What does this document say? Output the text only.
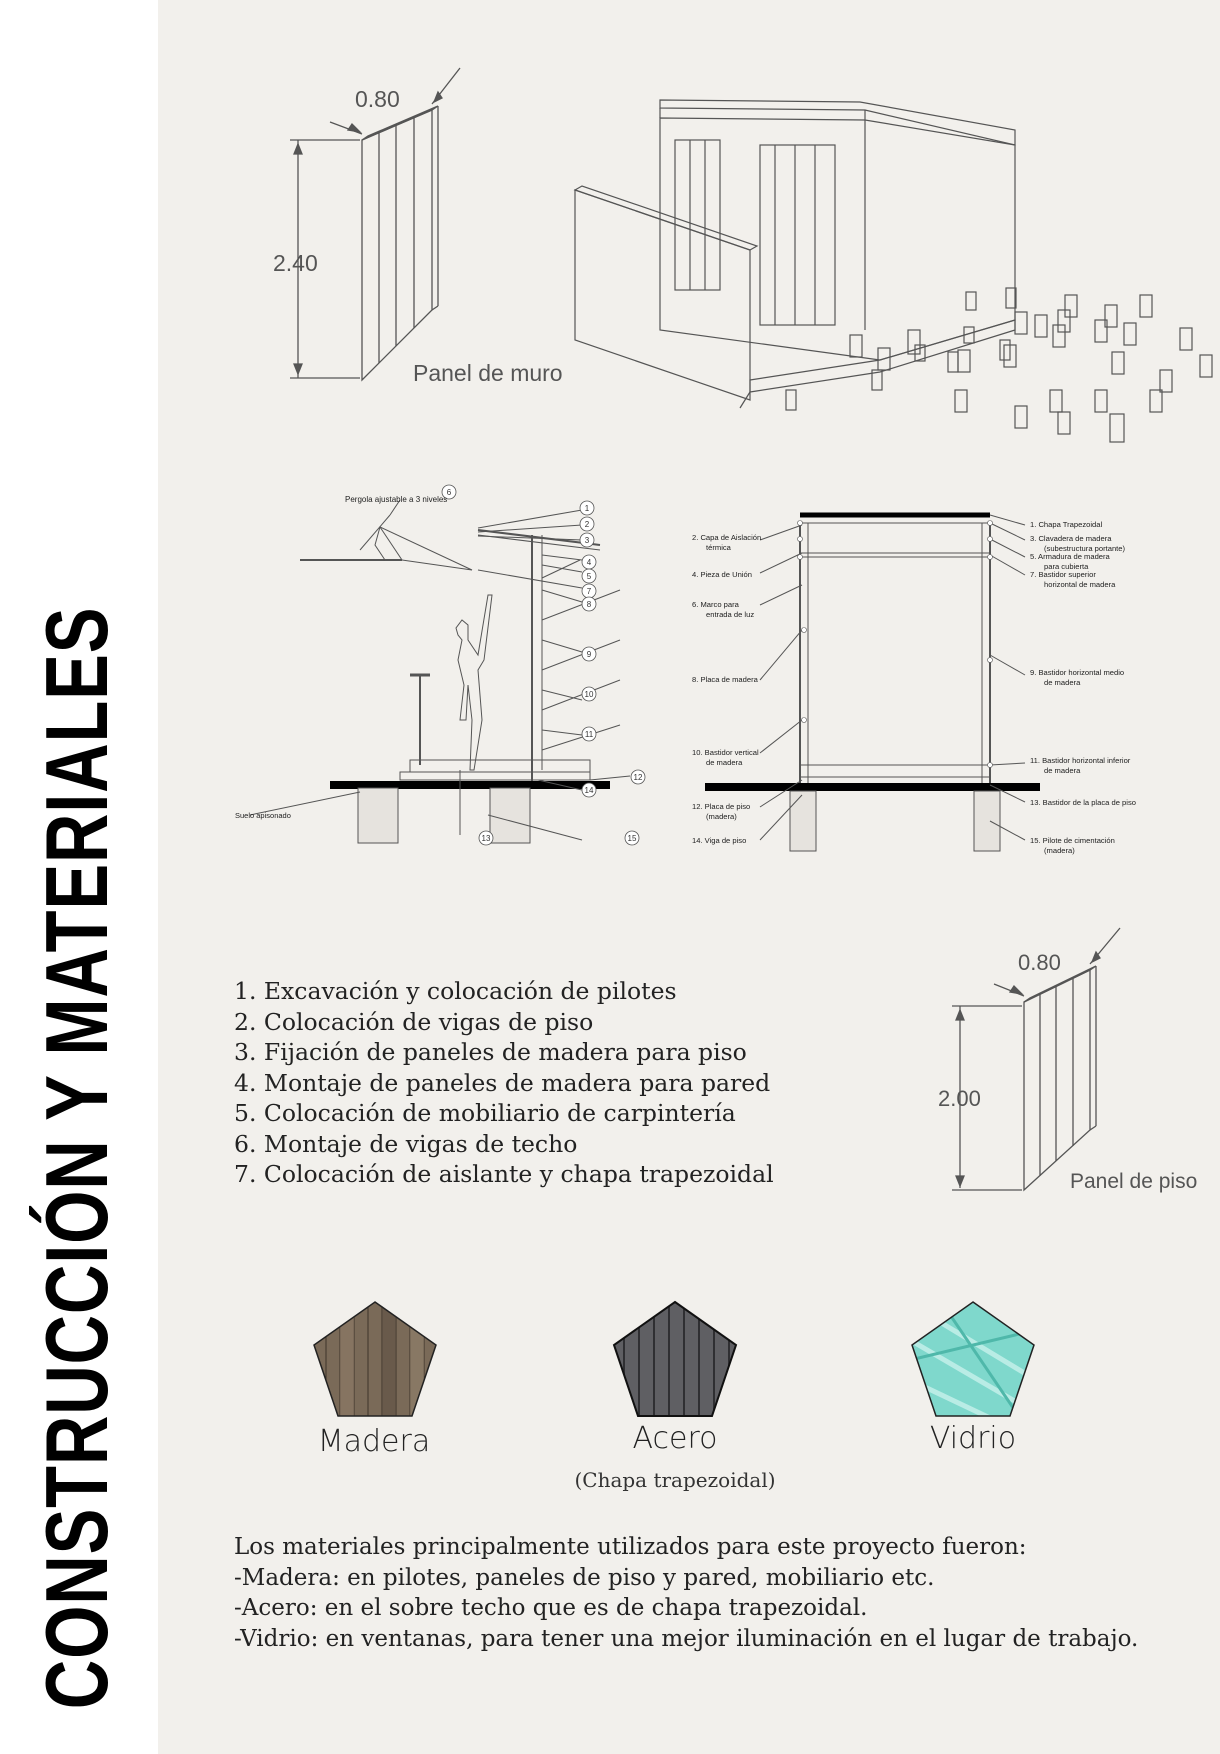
CONSTRUCCIÓN Y MATERIALES
0.80
2.40
Panel de muro
1
2
3
4
5
6
7
8
9
10
11
12
13
14
15
Pergola ajustable a 3 niveles
Suelo apisonado
2. Capa de Aislación térmica
4. Pieza de Unión
6. Marco para entrada de luz
8. Placa de madera
10. Bastidor vertical de madera
12. Placa de piso (madera)
14. Viga de piso
1. Chapa Trapezoidal
3. Clavadera de madera (subestructura portante)
5. Armadura de madera para cubierta
7. Bastidor superior horizontal de madera
9. Bastidor horizontal medio de madera
11. Bastidor horizontal inferior de madera
13. Bastidor de la placa de piso
15. Pilote de cimentación (madera)
1. Excavación y colocación de pilotes
2. Colocación de vigas de piso
3. Fijación de paneles de madera para piso
4. Montaje de paneles de madera para pared
5. Colocación de mobiliario de carpintería
6. Montaje de vigas de techo
7. Colocación de aislante y chapa trapezoidal
0.80
2.00
Panel de piso
Madera	Acero
(Chapa trapezoidal)
Vidrio
Los materiales principalmente utilizados para este proyecto fueron:
-Madera: en pilotes, paneles de piso y pared, mobiliario etc.
-Acero: en el sobre techo que es de chapa trapezoidal.
-Vidrio: en ventanas, para tener una mejor iluminación en el lugar de trabajo.
